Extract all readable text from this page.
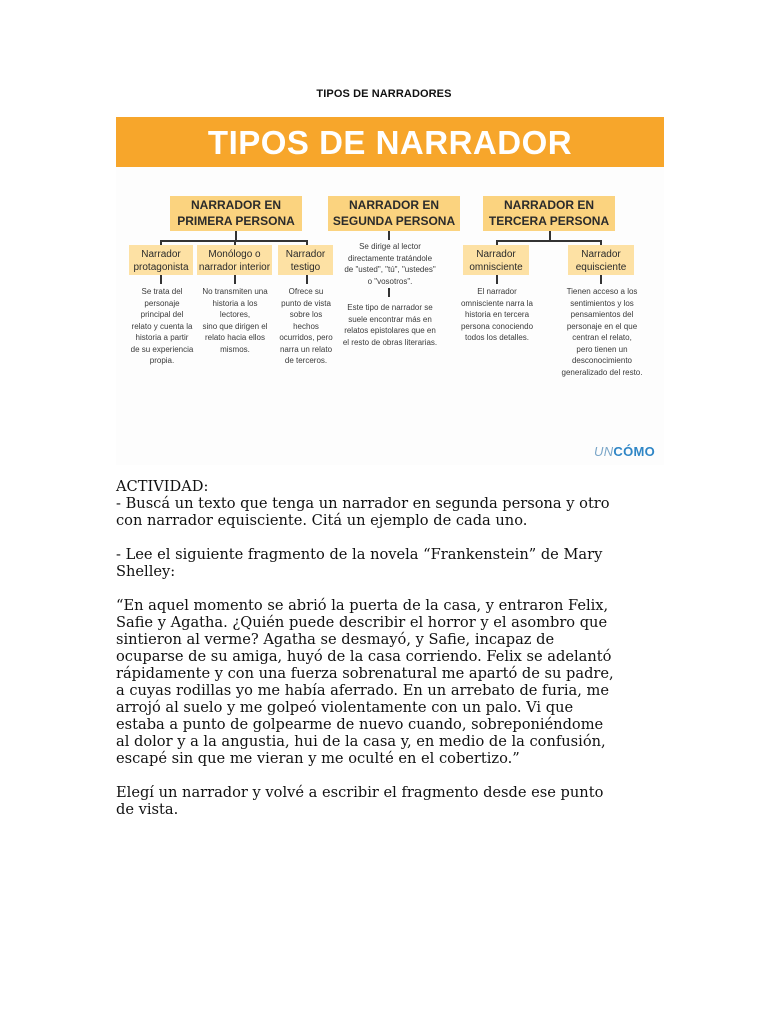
TIPOS DE NARRADORES
TIPOS DE NARRADOR
NARRADOR EN
PRIMERA PERSONA
NARRADOR EN
SEGUNDA PERSONA
NARRADOR EN
TERCERA PERSONA
Narrador
protagonista
Monólogo o
narrador interior
Narrador
testigo
Narrador
omnisciente
Narrador
equisciente
Se trata del
personaje
principal del
relato y cuenta la
historia a partir
de su experiencia
propia.
No transmiten una
historia a los
lectores,
sino que dirigen el
relato hacia ellos
mismos.
Ofrece su
punto de vista
sobre los
hechos
ocurridos, pero
narra un relato
de terceros.
Se dirige al lector
directamente tratándole
de "usted", "tú", "ustedes"
o "vosotros".
Este tipo de narrador se
suele encontrar más en
relatos epistolares que en
el resto de obras literarias.
El narrador
omnisciente narra la
historia en tercera
persona conociendo
todos los detalles.
Tienen acceso a los
sentimientos y los
pensamientos del
personaje en el que
centran el relato,
pero tienen un
desconocimiento
generalizado del resto.
UNCÓMO

ACTIVIDAD:

- Buscá un texto que tenga un narrador en segunda persona y otro

con narrador equisciente. Citá un ejemplo de cada uno.

- Lee el siguiente fragmento de la novela “Frankenstein” de Mary

Shelley:

“En aquel momento se abrió la puerta de la casa, y entraron Felix,

Safie y Agatha. ¿Quién puede describir el horror y el asombro que

sintieron al verme? Agatha se desmayó, y Safie, incapaz de

ocuparse de su amiga, huyó de la casa corriendo. Felix se adelantó

rápidamente y con una fuerza sobrenatural me apartó de su padre,

a cuyas rodillas yo me había aferrado. En un arrebato de furia, me

arrojó al suelo y me golpeó violentamente con un palo. Vi que

estaba a punto de golpearme de nuevo cuando, sobreponiéndome

al dolor y a la angustia, hui de la casa y, en medio de la confusión,

escapé sin que me vieran y me oculté en el cobertizo.”

Elegí un narrador y volvé a escribir el fragmento desde ese punto

de vista.
